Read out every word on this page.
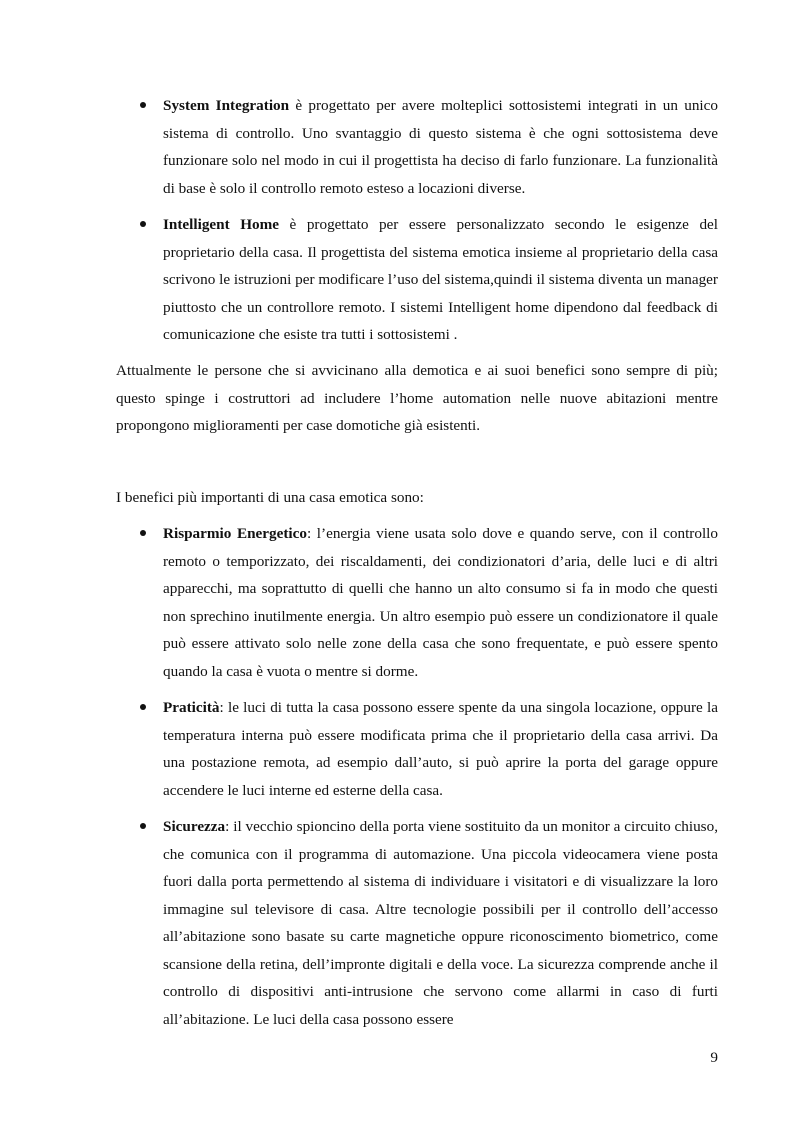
System Integration è progettato per avere molteplici sottosistemi integrati in un unico sistema di controllo. Uno svantaggio di questo sistema è che ogni sottosistema deve funzionare solo nel modo in cui il progettista ha deciso di farlo funzionare. La funzionalità di base è solo il controllo remoto esteso a locazioni diverse.
Intelligent Home è progettato per essere personalizzato secondo le esigenze del proprietario della casa. Il progettista del sistema emotica insieme al proprietario della casa scrivono le istruzioni per modificare l’uso del sistema,quindi il sistema diventa un manager piuttosto che un controllore remoto. I sistemi Intelligent home dipendono dal feedback di comunicazione che esiste tra tutti i sottosistemi .

Attualmente le persone che si avvicinano alla demotica e ai suoi benefici sono sempre di più; questo spinge i costruttori ad includere l’home automation nelle nuove abitazioni mentre propongono miglioramenti per case domotiche già esistenti.

I benefici più importanti di una casa emotica sono:

Risparmio Energetico: l’energia viene usata solo dove e quando serve, con il controllo remoto o temporizzato, dei riscaldamenti, dei condizionatori d’aria, delle luci e di altri apparecchi, ma soprattutto di quelli che hanno un alto consumo si fa in modo che questi non sprechino inutilmente energia. Un altro esempio può essere un condizionatore il quale può essere attivato solo nelle zone della casa che sono frequentate, e può essere spento quando la casa è vuota o mentre si dorme.
Praticità: le luci di tutta la casa possono essere spente da una singola locazione, oppure la temperatura interna può essere modificata prima che il proprietario della casa arrivi. Da una postazione remota, ad esempio dall’auto, si può aprire la porta del garage oppure accendere le luci interne ed esterne della casa.
Sicurezza: il vecchio spioncino della porta viene sostituito da un monitor a circuito chiuso, che comunica con il programma di automazione. Una piccola videocamera viene posta fuori dalla porta permettendo al sistema di individuare i visitatori e di visualizzare la loro immagine sul televisore di casa. Altre tecnologie possibili per il controllo dell’accesso all’abitazione sono basate su carte magnetiche oppure riconoscimento biometrico, come scansione della retina, dell’impronte digitali e della voce. La sicurezza comprende anche il controllo di dispositivi anti-intrusione che servono come allarmi in caso di furti all’abitazione. Le luci della casa possono essere
9
